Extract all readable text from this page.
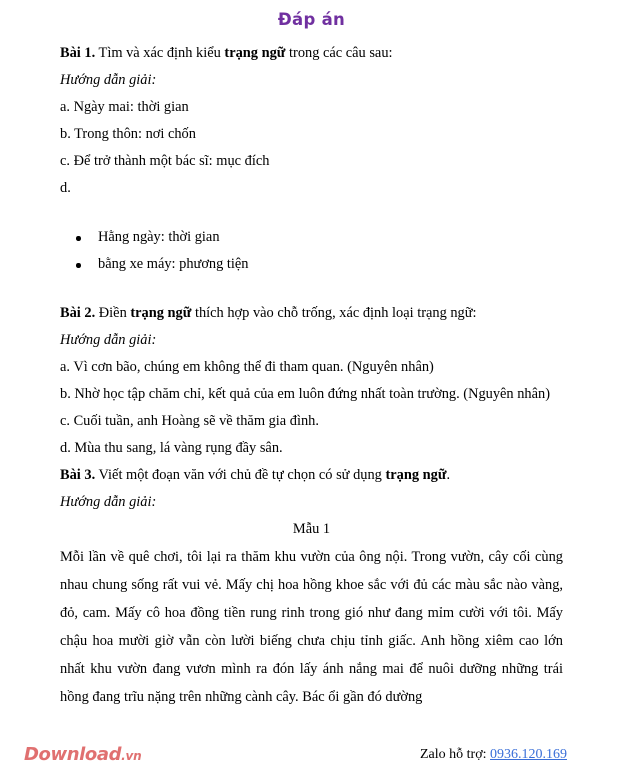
Đáp án

Bài 1. Tìm và xác định kiểu trạng ngữ trong các câu sau:

Hướng dẫn giải:

a. Ngày mai: thời gian

b. Trong thôn: nơi chốn

c. Để trở thành một bác sĩ: mục đích

d.

Hằng ngày: thời gian
bằng xe máy: phương tiện

Bài 2. Điền trạng ngữ thích hợp vào chỗ trống, xác định loại trạng ngữ:

Hướng dẫn giải:

a. Vì cơn bão, chúng em không thể đi tham quan. (Nguyên nhân)

b. Nhờ học tập chăm chỉ, kết quả của em luôn đứng nhất toàn trường. (Nguyên nhân)

c. Cuối tuần, anh Hoàng sẽ về thăm gia đình.

d. Mùa thu sang, lá vàng rụng đầy sân.

Bài 3. Viết một đoạn văn với chủ đề tự chọn có sử dụng trạng ngữ.

Hướng dẫn giải:

Mẫu 1

Mỗi lần về quê chơi, tôi lại ra thăm khu vườn của ông nội. Trong vườn, cây cối cùng nhau chung sống rất vui vẻ. Mấy chị hoa hồng khoe sắc với đủ các màu sắc nào vàng, đỏ, cam. Mấy cô hoa đồng tiền rung rinh trong gió như đang mỉm cười với tôi. Mấy chậu hoa mười giờ vẫn còn lười biếng chưa chịu tỉnh giấc. Anh hồng xiêm cao lớn nhất khu vườn đang vươn mình ra đón lấy ánh nắng mai để nuôi dưỡng những trái hồng đang trĩu nặng trên những cành cây. Bác ổi gần đó dường

Download.vn	Zalo hỗ trợ: 0936.120.169
